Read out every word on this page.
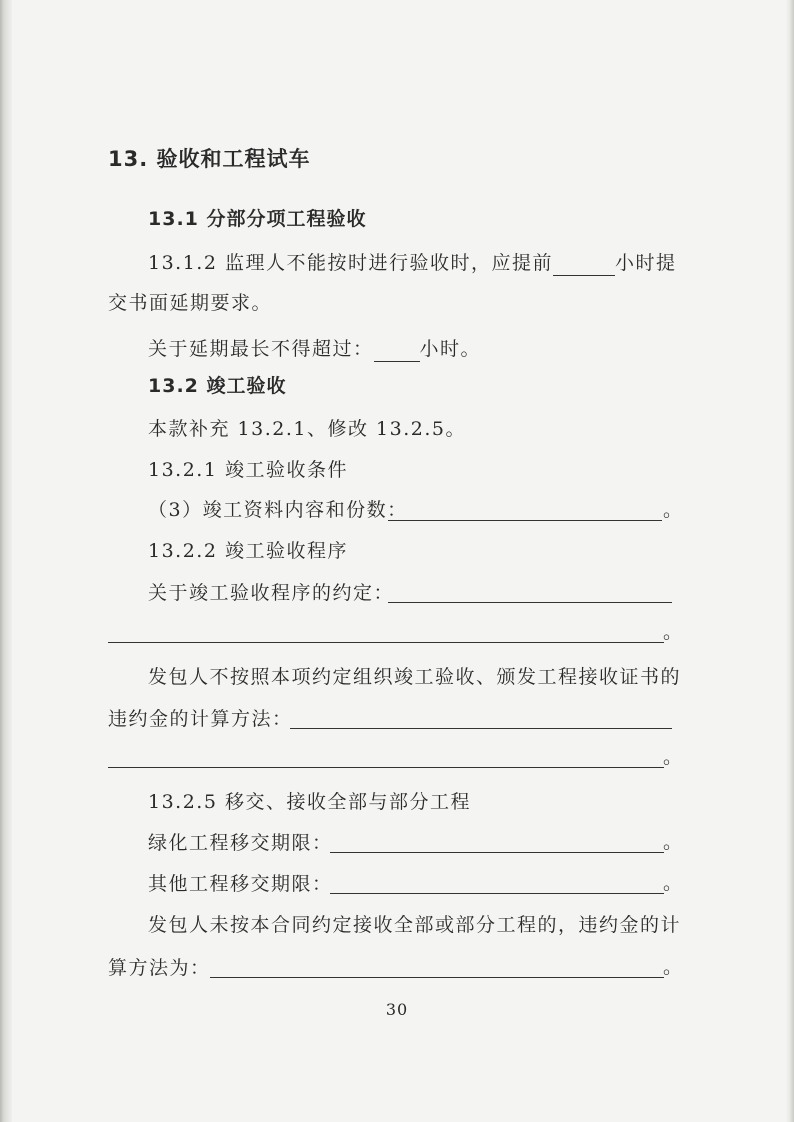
13. 验收和工程试车
13.1 分部分项工程验收
13.1.2 监理人不能按时进行验收时，应提前	小时提
交书面延期要求。
关于延期最长不得超过： 小时。
13.2 竣工验收
本款补充 13.2.1、修改 13.2.5。
13.2.1 竣工验收条件
（3）竣工资料内容和份数：	。
13.2.2 竣工验收程序
关于竣工验收程序的约定：
。
发包人不按照本项约定组织竣工验收、颁发工程接收证书的
违约金的计算方法：
。
13.2.5 移交、接收全部与部分工程
绿化工程移交期限：	。
其他工程移交期限：	。
发包人未按本合同约定接收全部或部分工程的，违约金的计
算方法为：	。
30
